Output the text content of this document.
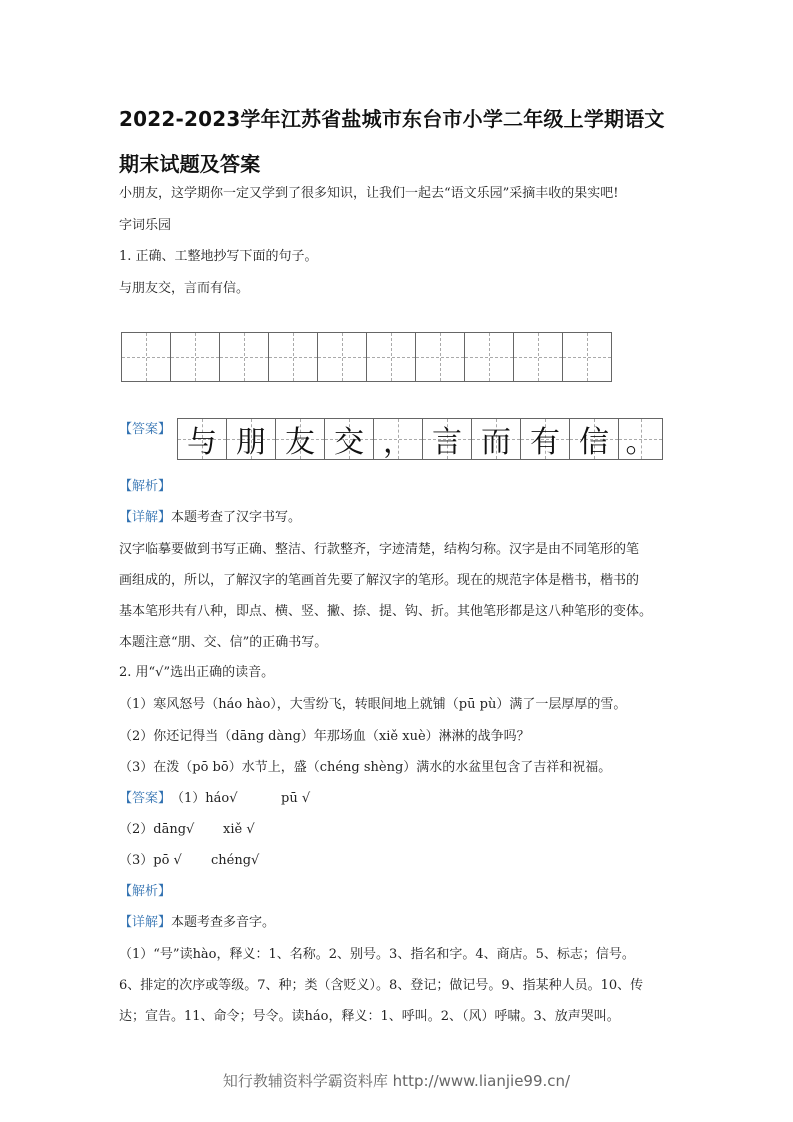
2022-2023学年江苏省盐城市东台市小学二年级上学期语文
期末试题及答案
小朋友，这学期你一定又学到了很多知识，让我们一起去“语文乐园”采摘丰收的果实吧!
字词乐园
1. 正确、工整地抄写下面的句子。
与朋友交，言而有信。
【答案】 与 朋 友 交 ， 言 而 有 信 。
【解析】
【详解】本题考查了汉字书写。
汉字临摹要做到书写正确、整洁、行款整齐，字迹清楚，结构匀称。汉字是由不同笔形的笔
画组成的，所以，了解汉字的笔画首先要了解汉字的笔形。现在的规范字体是楷书，楷书的
基本笔形共有八种，即点、横、竖、撇、捺、提、钩、折。其他笔形都是这八种笔形的变体。
本题注意“朋、交、信”的正确书写。
2. 用“√”选出正确的读音。
（1）寒风怒号（háo hào），大雪纷飞，转眼间地上就铺（pū pù）满了一层厚厚的雪。
（2）你还记得当（dāng dàng）年那场血（xiě xuè）淋淋的战争吗？
（3）在泼（pō bō）水节上，盛（chéng shèng）满水的水盆里包含了吉祥和祝福。
【答案】（1）háo√	pū √
（2）dāng√ xiě √
（3）pō √ chéng√
【解析】
【详解】本题考查多音字。
（1）“号”读hào，释义：1、名称。2、别号。3、指名和字。4、商店。5、标志；信号。
6、排定的次序或等级。7、种；类（含贬义）。8、登记；做记号。9、指某种人员。10、传
达；宣告。11、命令；号令。读háo，释义：1、呼叫。2、（风）呼啸。3、放声哭叫。
知行教辅资料学霸资料库 http://www.lianjie99.cn/
